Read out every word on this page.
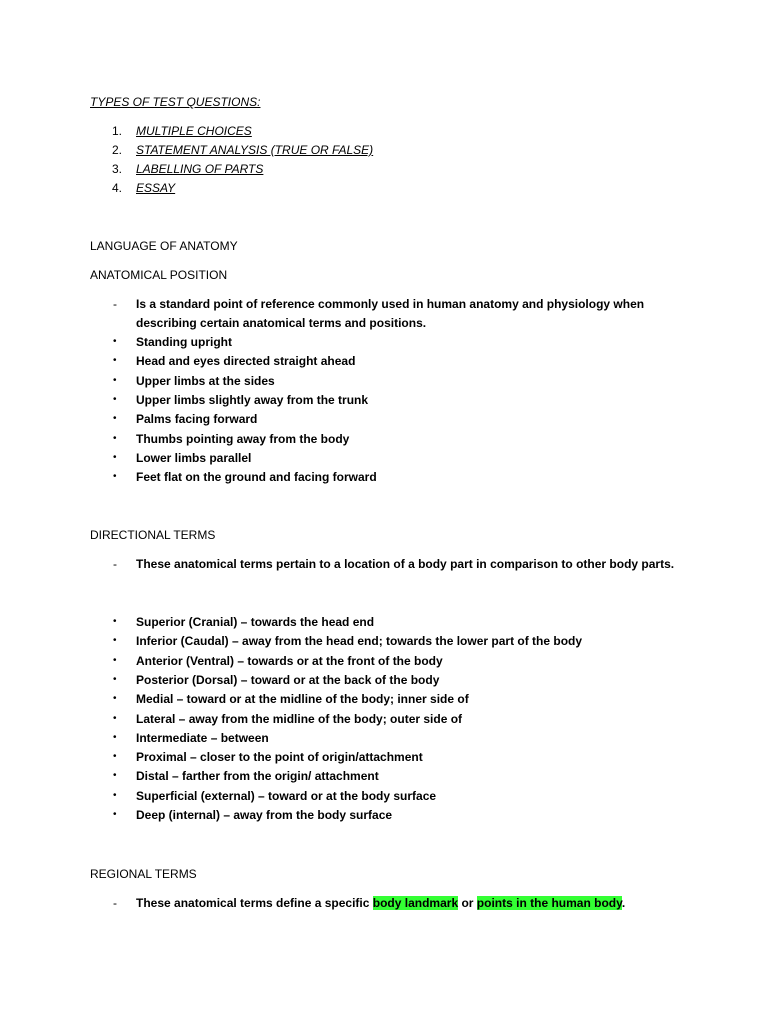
TYPES OF TEST QUESTIONS:
1.	MULTIPLE CHOICES
2.	STATEMENT ANALYSIS (TRUE OR FALSE)
3.	LABELLING OF PARTS
4.	ESSAY
LANGUAGE OF ANATOMY
ANATOMICAL POSITION
- Is a standard point of reference commonly used in human anatomy and physiology when
describing certain anatomical terms and positions.
• Standing upright
• Head and eyes directed straight ahead
• Upper limbs at the sides
• Upper limbs slightly away from the trunk
• Palms facing forward
• Thumbs pointing away from the body
• Lower limbs parallel
• Feet flat on the ground and facing forward
DIRECTIONAL TERMS
- These anatomical terms pertain to a location of a body part in comparison to other body parts.
• Superior (Cranial) – towards the head end
• Inferior (Caudal) – away from the head end; towards the lower part of the body
• Anterior (Ventral) – towards or at the front of the body
• Posterior (Dorsal) – toward or at the back of the body
• Medial – toward or at the midline of the body; inner side of
• Lateral – away from the midline of the body; outer side of
• Intermediate – between
• Proximal – closer to the point of origin/attachment
• Distal – farther from the origin/ attachment
• Superficial (external) – toward or at the body surface
• Deep (internal) – away from the body surface
REGIONAL TERMS
- These anatomical terms define a specific body landmark or points in the human body.
